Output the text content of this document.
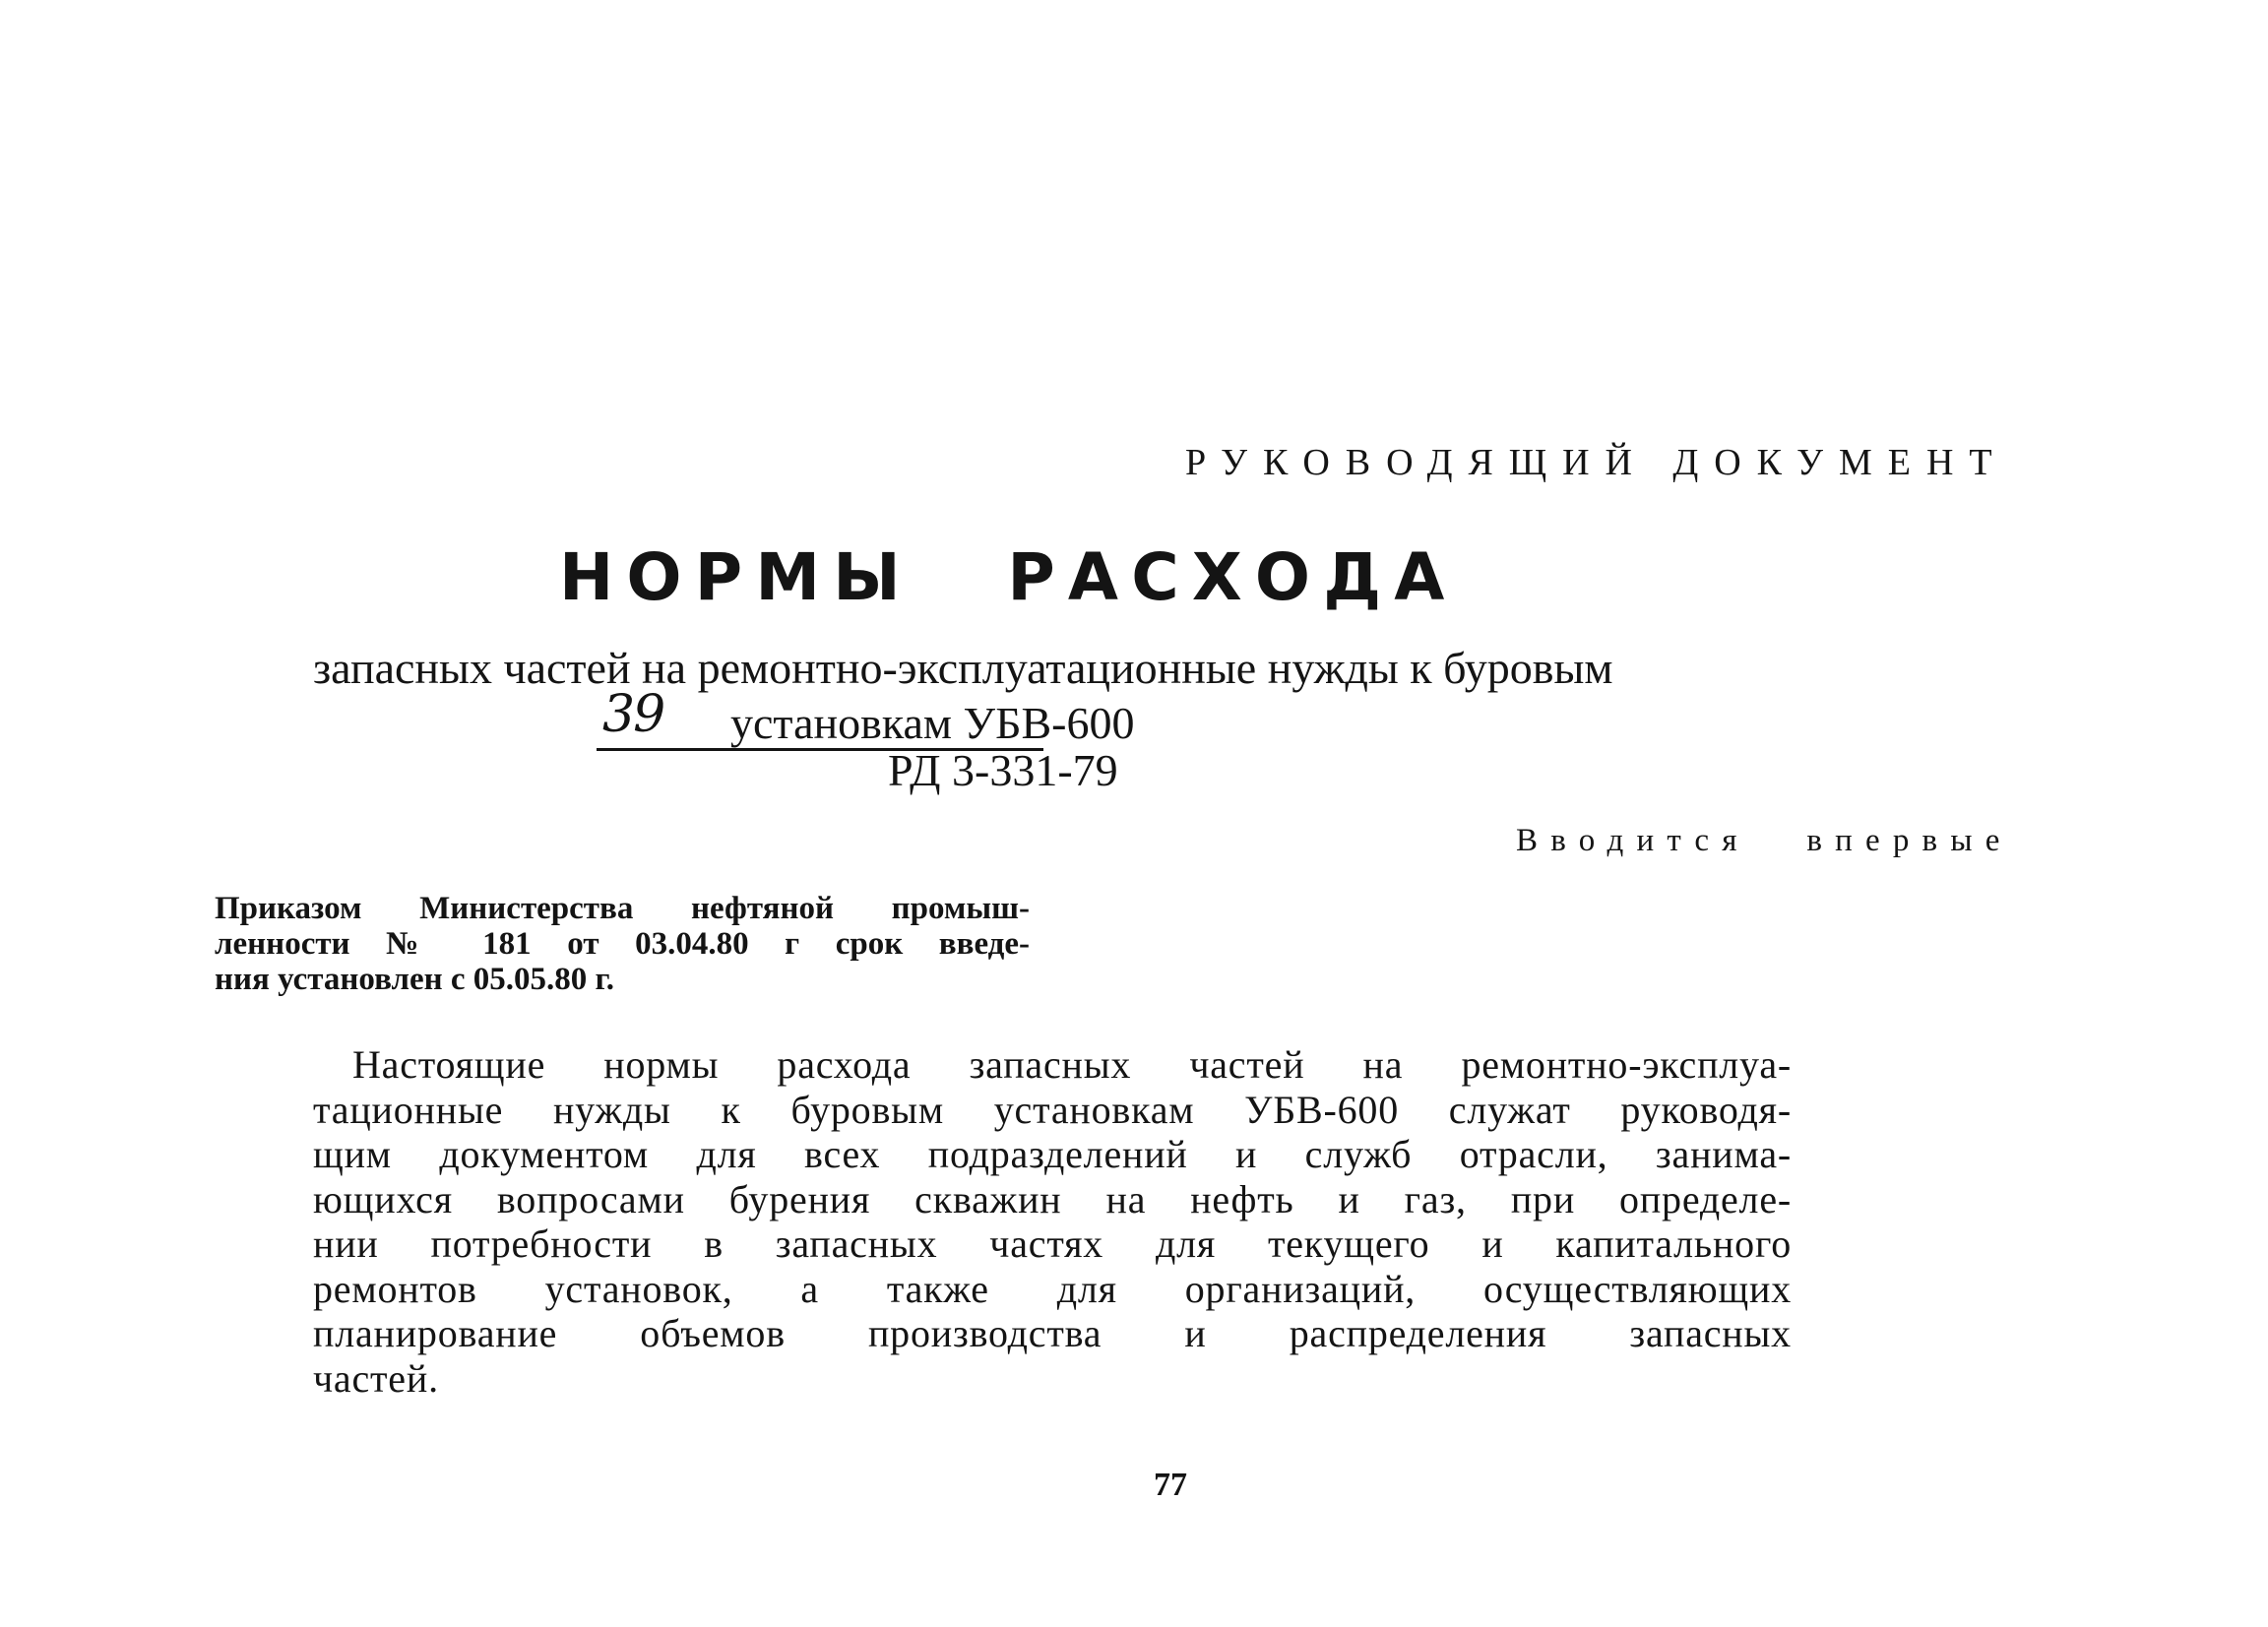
РУКОВОДЯЩИЙ ДОКУМЕНТ
НОРМЫ РАСХОДА
запасных частей на ремонтно-эксплуатационные нужды к буровым
39 установкам УБВ-600
РД 3-331-79
Вводится впервые
Приказом Министерства нефтяной промыш-
ленности № 181 от 03.04.80 г срок введе-
ния установлен с 05.05.80 г.
Настоящие нормы расхода запасных частей на ремонтно-эксплуа-
тационные нужды к буровым установкам УБВ-600 служат руководя-
щим документом для всех подразделений и служб отрасли, занима-
ющихся вопросами бурения скважин на нефть и газ, при определе-
нии потребности в запасных частях для текущего и капитального
ремонтов установок, а также для организаций, осуществляющих
планирование объемов производства и распределения запасных
частей.
77
